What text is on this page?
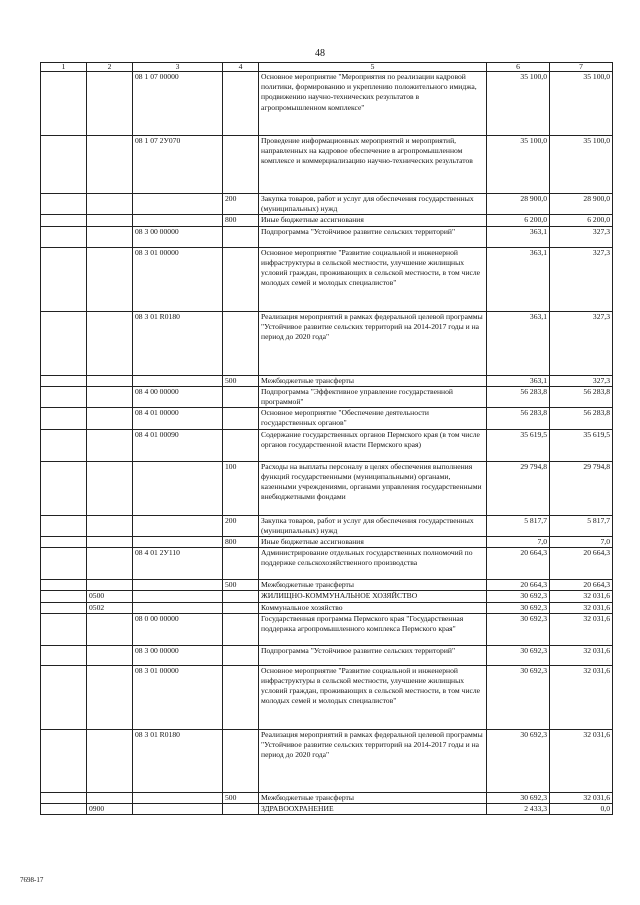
48
1	2	3	4	5	6	7
		08 1 07 00000		Основное мероприятие "Мероприятия по реализации кадровой политики, формированию и укреплению положительного имиджа, продвижению научно-технических результатов в агропромышленном комплексе"	35 100,0	35 100,0
		08 1 07 2У070		Проведение информационных мероприятий и мероприятий, направленных на кадровое обеспечение в агропромышленном комплексе и коммерциализацию научно-технических результатов	35 100,0	35 100,0
			200	Закупка товаров, работ и услуг для обеспечения государственных (муниципальных) нужд	28 900,0	28 900,0
			800	Иные бюджетные ассигнования	6 200,0	6 200,0
		08 3 00 00000		Подпрограмма "Устойчивое развитие сельских территорий"	363,1	327,3
		08 3 01 00000		Основное мероприятие "Развитие социальной и инженерной инфраструктуры в сельской местности, улучшение жилищных условий граждан, проживающих в сельской местности, в том числе молодых семей и молодых специалистов"	363,1	327,3
		08 3 01 R0180		Реализация мероприятий в рамках федеральной целевой программы "Устойчивое развитие сельских территорий на 2014-2017 годы и на период до 2020 года"	363,1	327,3
			500	Межбюджетные трансферты	363,1	327,3
		08 4 00 00000		Подпрограмма "Эффективное управление государственной программой"	56 283,8	56 283,8
		08 4 01 00000		Основное мероприятие "Обеспечение деятельности государственных органов"	56 283,8	56 283,8
		08 4 01 00090		Содержание государственных органов Пермского края (в том числе органов государственной власти Пермского края)	35 619,5	35 619,5
			100	Расходы на выплаты персоналу в целях обеспечения выполнения функций государственными (муниципальными) органами, казенными учреждениями, органами управления государственными внебюджетными фондами	29 794,8	29 794,8
			200	Закупка товаров, работ и услуг для обеспечения государственных (муниципальных) нужд	5 817,7	5 817,7
			800	Иные бюджетные ассигнования	7,0	7,0
		08 4 01 2У110		Администрирование отдельных государственных полномочий по поддержке сельскохозяйственного производства	20 664,3	20 664,3
			500	Межбюджетные трансферты	20 664,3	20 664,3
	0500			ЖИЛИЩНО-КОММУНАЛЬНОЕ ХОЗЯЙСТВО	30 692,3	32 031,6
	0502			Коммунальное хозяйство	30 692,3	32 031,6
		08 0 00 00000		Государственная программа Пермского края "Государственная поддержка агропромышленного комплекса Пермского края"	30 692,3	32 031,6
		08 3 00 00000		Подпрограмма "Устойчивое развитие сельских территорий"	30 692,3	32 031,6
		08 3 01 00000		Основное мероприятие "Развитие социальной и инженерной инфраструктуры в сельской местности, улучшение жилищных условий граждан, проживающих в сельской местности, в том числе молодых семей и молодых специалистов"	30 692,3	32 031,6
		08 3 01 R0180		Реализация мероприятий в рамках федеральной целевой программы "Устойчивое развитие сельских территорий на 2014-2017 годы и на период до 2020 года"	30 692,3	32 031,6
			500	Межбюджетные трансферты	30 692,3	32 031,6
	0900			ЗДРАВООХРАНЕНИЕ	2 433,3	0,0
7698-17
